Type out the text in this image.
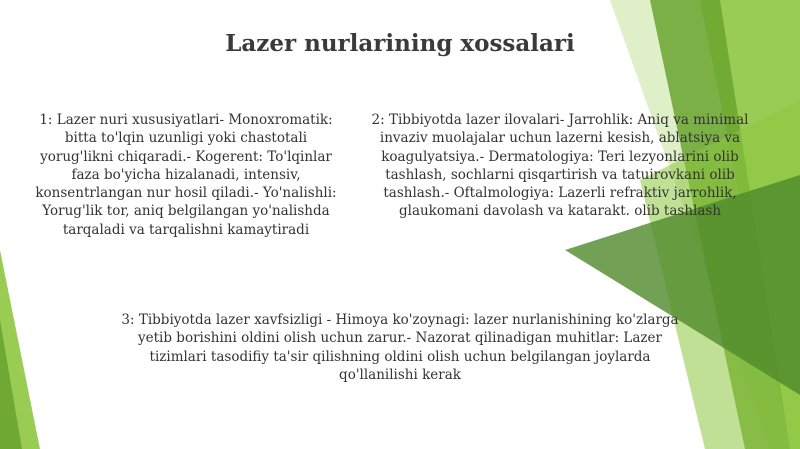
Lazer nurlarining xossalari
1: Lazer nuri xususiyatlari- Monoxromatik: bitta to'lqin uzunligi yoki chastotali yorug'likni chiqaradi.- Kogerent: To'lqinlar faza bo'yicha hizalanadi, intensiv, konsentrlangan nur hosil qiladi.- Yo'nalishli: Yorug'lik tor, aniq belgilangan yo'nalishda tarqaladi va tarqalishni kamaytiradi
2: Tibbiyotda lazer ilovalari- Jarrohlik: Aniq va minimal invaziv muolajalar uchun lazerni kesish, ablatsiya va koagulyatsiya.- Dermatologiya: Teri lezyonlarini olib tashlash, sochlarni qisqartirish va tatuirovkani olib tashlash.- Oftalmologiya: Lazerli refraktiv jarrohlik, glaukomani davolash va katarakt. olib tashlash
3: Tibbiyotda lazer xavfsizligi - Himoya ko'zoynagi: lazer nurlanishining ko'zlarga yetib borishini oldini olish uchun zarur.- Nazorat qilinadigan muhitlar: Lazer tizimlari tasodifiy ta'sir qilishning oldini olish uchun belgilangan joylarda qo'llanilishi kerak
